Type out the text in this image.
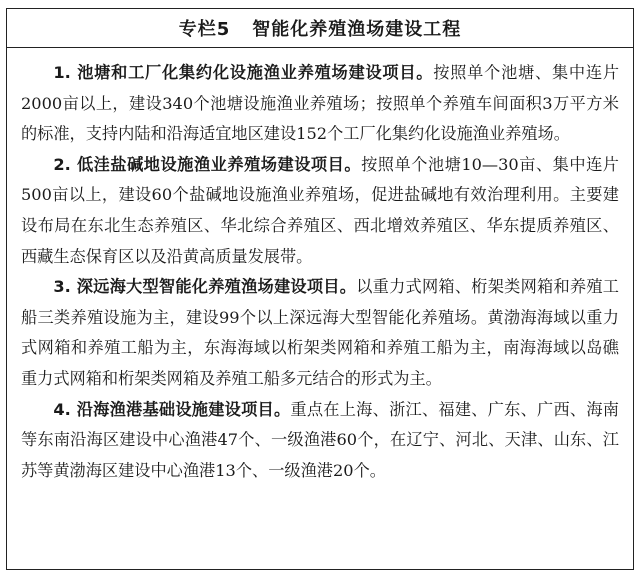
专栏5 智能化养殖渔场建设工程

1. 池塘和工厂化集约化设施渔业养殖场建设项目。按照单个池塘、集中连片2000亩以上，建设340个池塘设施渔业养殖场；按照单个养殖车间面积3万平方米的标准，支持内陆和沿海适宜地区建设152个工厂化集约化设施渔业养殖场。

2. 低洼盐碱地设施渔业养殖场建设项目。按照单个池塘10—30亩、集中连片500亩以上，建设60个盐碱地设施渔业养殖场，促进盐碱地有效治理利用。主要建设布局在东北生态养殖区、华北综合养殖区、西北增效养殖区、华东提质养殖区、西藏生态保育区以及沿黄高质量发展带。

3. 深远海大型智能化养殖渔场建设项目。以重力式网箱、桁架类网箱和养殖工船三类养殖设施为主，建设99个以上深远海大型智能化养殖场。黄渤海海域以重力式网箱和养殖工船为主，东海海域以桁架类网箱和养殖工船为主，南海海域以岛礁重力式网箱和桁架类网箱及养殖工船多元结合的形式为主。

4. 沿海渔港基础设施建设项目。重点在上海、浙江、福建、广东、广西、海南等东南沿海区建设中心渔港47个、一级渔港60个，在辽宁、河北、天津、山东、江苏等黄渤海区建设中心渔港13个、一级渔港20个。
